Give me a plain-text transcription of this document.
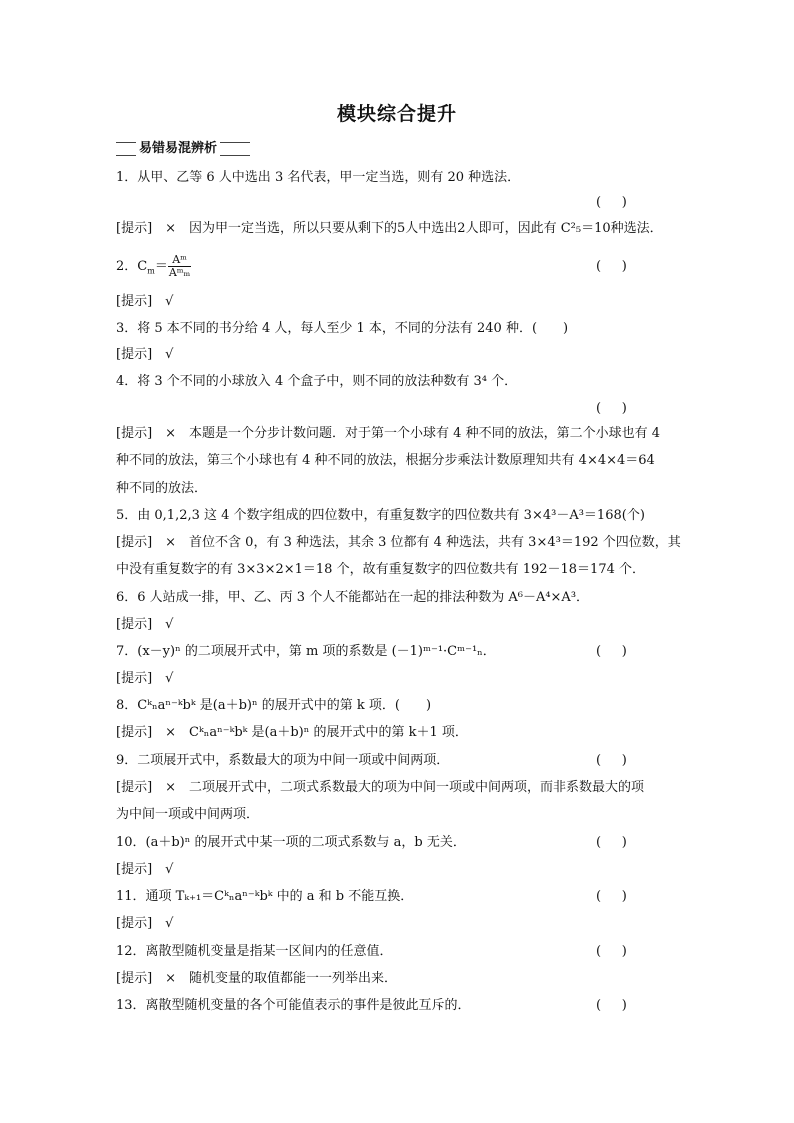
模块综合提升
易错易混辨析
1．从甲、乙等 6 人中选出 3 名代表，甲一定当选，则有 20 种选法．
(     )
[提示]　×　因为甲一定当选，所以只要从剩下的5人中选出2人即可，因此有 C²₅＝10种选法．
2．$C_m= \frac{\text{Aᵐ}}{\text{Aᵐₘ}}$	(     )
[提示]　√
3．将 5 本不同的书分给 4 人，每人至少 1 本，不同的分法有 240 种．(　　)
[提示]　√
4．将 3 个不同的小球放入 4 个盒子中，则不同的放法种数有 3⁴ 个．
(     )
[提示]　×　本题是一个分步计数问题．对于第一个小球有 4 种不同的放法，第二个小球也有 4
种不同的放法，第三个小球也有 4 种不同的放法，根据分步乘法计数原理知共有 4×4×4＝64
种不同的放法．
5．由 0,1,2,3 这 4 个数字组成的四位数中，有重复数字的四位数共有 3×4³－A³＝168(个)
[提示]　×　首位不含 0，有 3 种选法，其余 3 位都有 4 种选法，共有 3×4³＝192 个四位数，其
中没有重复数字的有 3×3×2×1＝18 个，故有重复数字的四位数共有 192－18＝174 个．
6．6 人站成一排，甲、乙、丙 3 个人不能都站在一起的排法种数为 A⁶－A⁴×A³．
[提示]　√
7．(x－y)ⁿ 的二项展开式中，第 m 项的系数是 (－1)ᵐ⁻¹·Cᵐ⁻¹ₙ．	(     )
[提示]　√
8．Cᵏₙaⁿ⁻ᵏbᵏ 是(a＋b)ⁿ 的展开式中的第 k 项．(　　)
[提示]　×　Cᵏₙaⁿ⁻ᵏbᵏ 是(a＋b)ⁿ 的展开式中的第 k＋1 项．
9．二项展开式中，系数最大的项为中间一项或中间两项．	(     )
[提示]　×　二项展开式中，二项式系数最大的项为中间一项或中间两项，而非系数最大的项
为中间一项或中间两项．
10．(a＋b)ⁿ 的展开式中某一项的二项式系数与 a，b 无关．	(     )
[提示]　√
11．通项 Tₖ₊₁＝Cᵏₙaⁿ⁻ᵏbᵏ 中的 a 和 b 不能互换．	(     )
[提示]　√
12．离散型随机变量是指某一区间内的任意值．	(     )
[提示]　×　随机变量的取值都能一一列举出来．
13．离散型随机变量的各个可能值表示的事件是彼此互斥的．	(     )
